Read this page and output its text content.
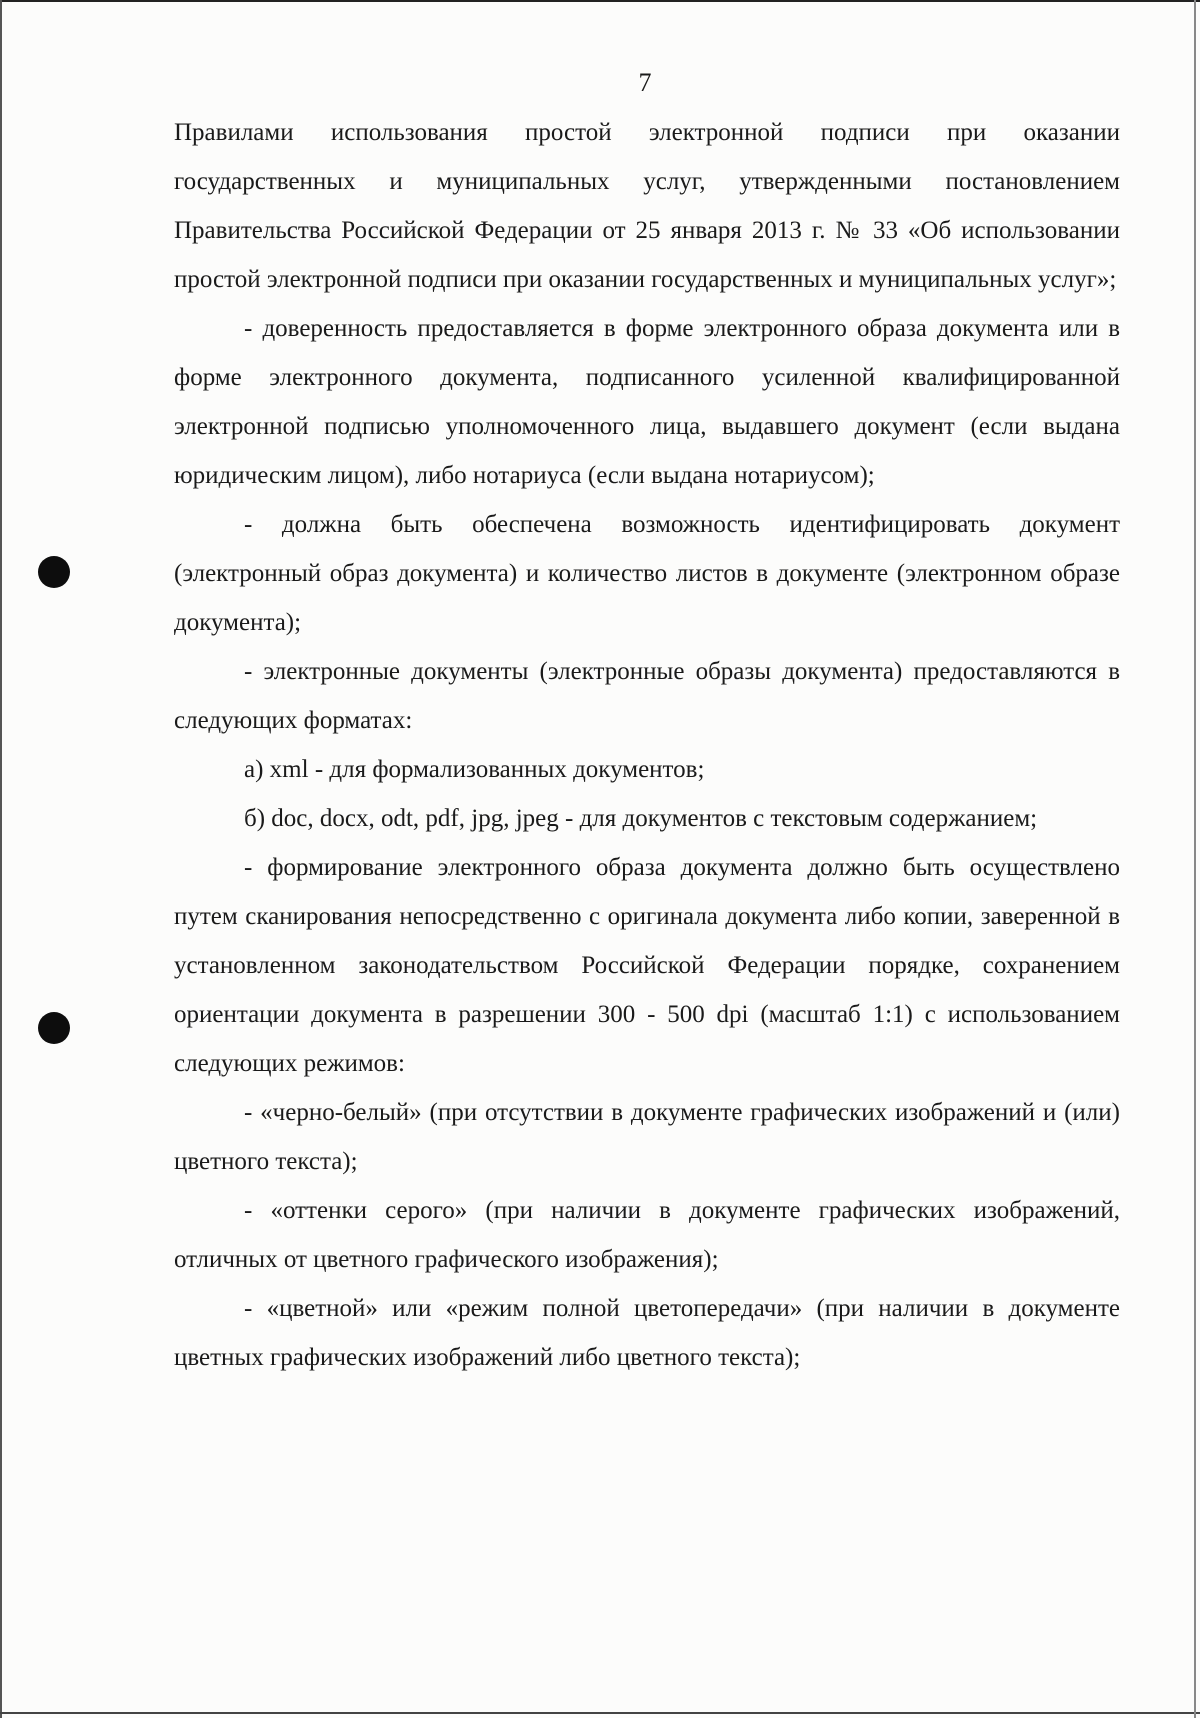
7

Правилами использования простой электронной подписи при оказании государственных и муниципальных услуг, утвержденными постановлением Правительства Российской Федерации от 25 января 2013 г. № 33 «Об использовании простой электронной подписи при оказании государственных и муниципальных услуг»;

- доверенность предоставляется в форме электронного образа документа или в форме электронного документа, подписанного усиленной квалифицированной электронной подписью уполномоченного лица, выдавшего документ (если выдана юридическим лицом), либо нотариуса (если выдана нотариусом);

- должна быть обеспечена возможность идентифицировать документ (электронный образ документа) и количество листов в документе (электронном образе документа);

- электронные документы (электронные образы документа) предоставляются в следующих форматах:

а) xml - для формализованных документов;

б) doc, docx, odt, pdf, jpg, jpeg - для документов с текстовым содержанием;

- формирование электронного образа документа должно быть осуществлено путем сканирования непосредственно с оригинала документа либо копии, заверенной в установленном законодательством Российской Федерации порядке, сохранением ориентации документа в разрешении 300 - 500 dpi (масштаб 1:1) с использованием следующих режимов:

- «черно-белый» (при отсутствии в документе графических изображений и (или) цветного текста);

- «оттенки серого» (при наличии в документе графических изображений, отличных от цветного графического изображения);

- «цветной» или «режим полной цветопередачи» (при наличии в документе цветных графических изображений либо цветного текста);
